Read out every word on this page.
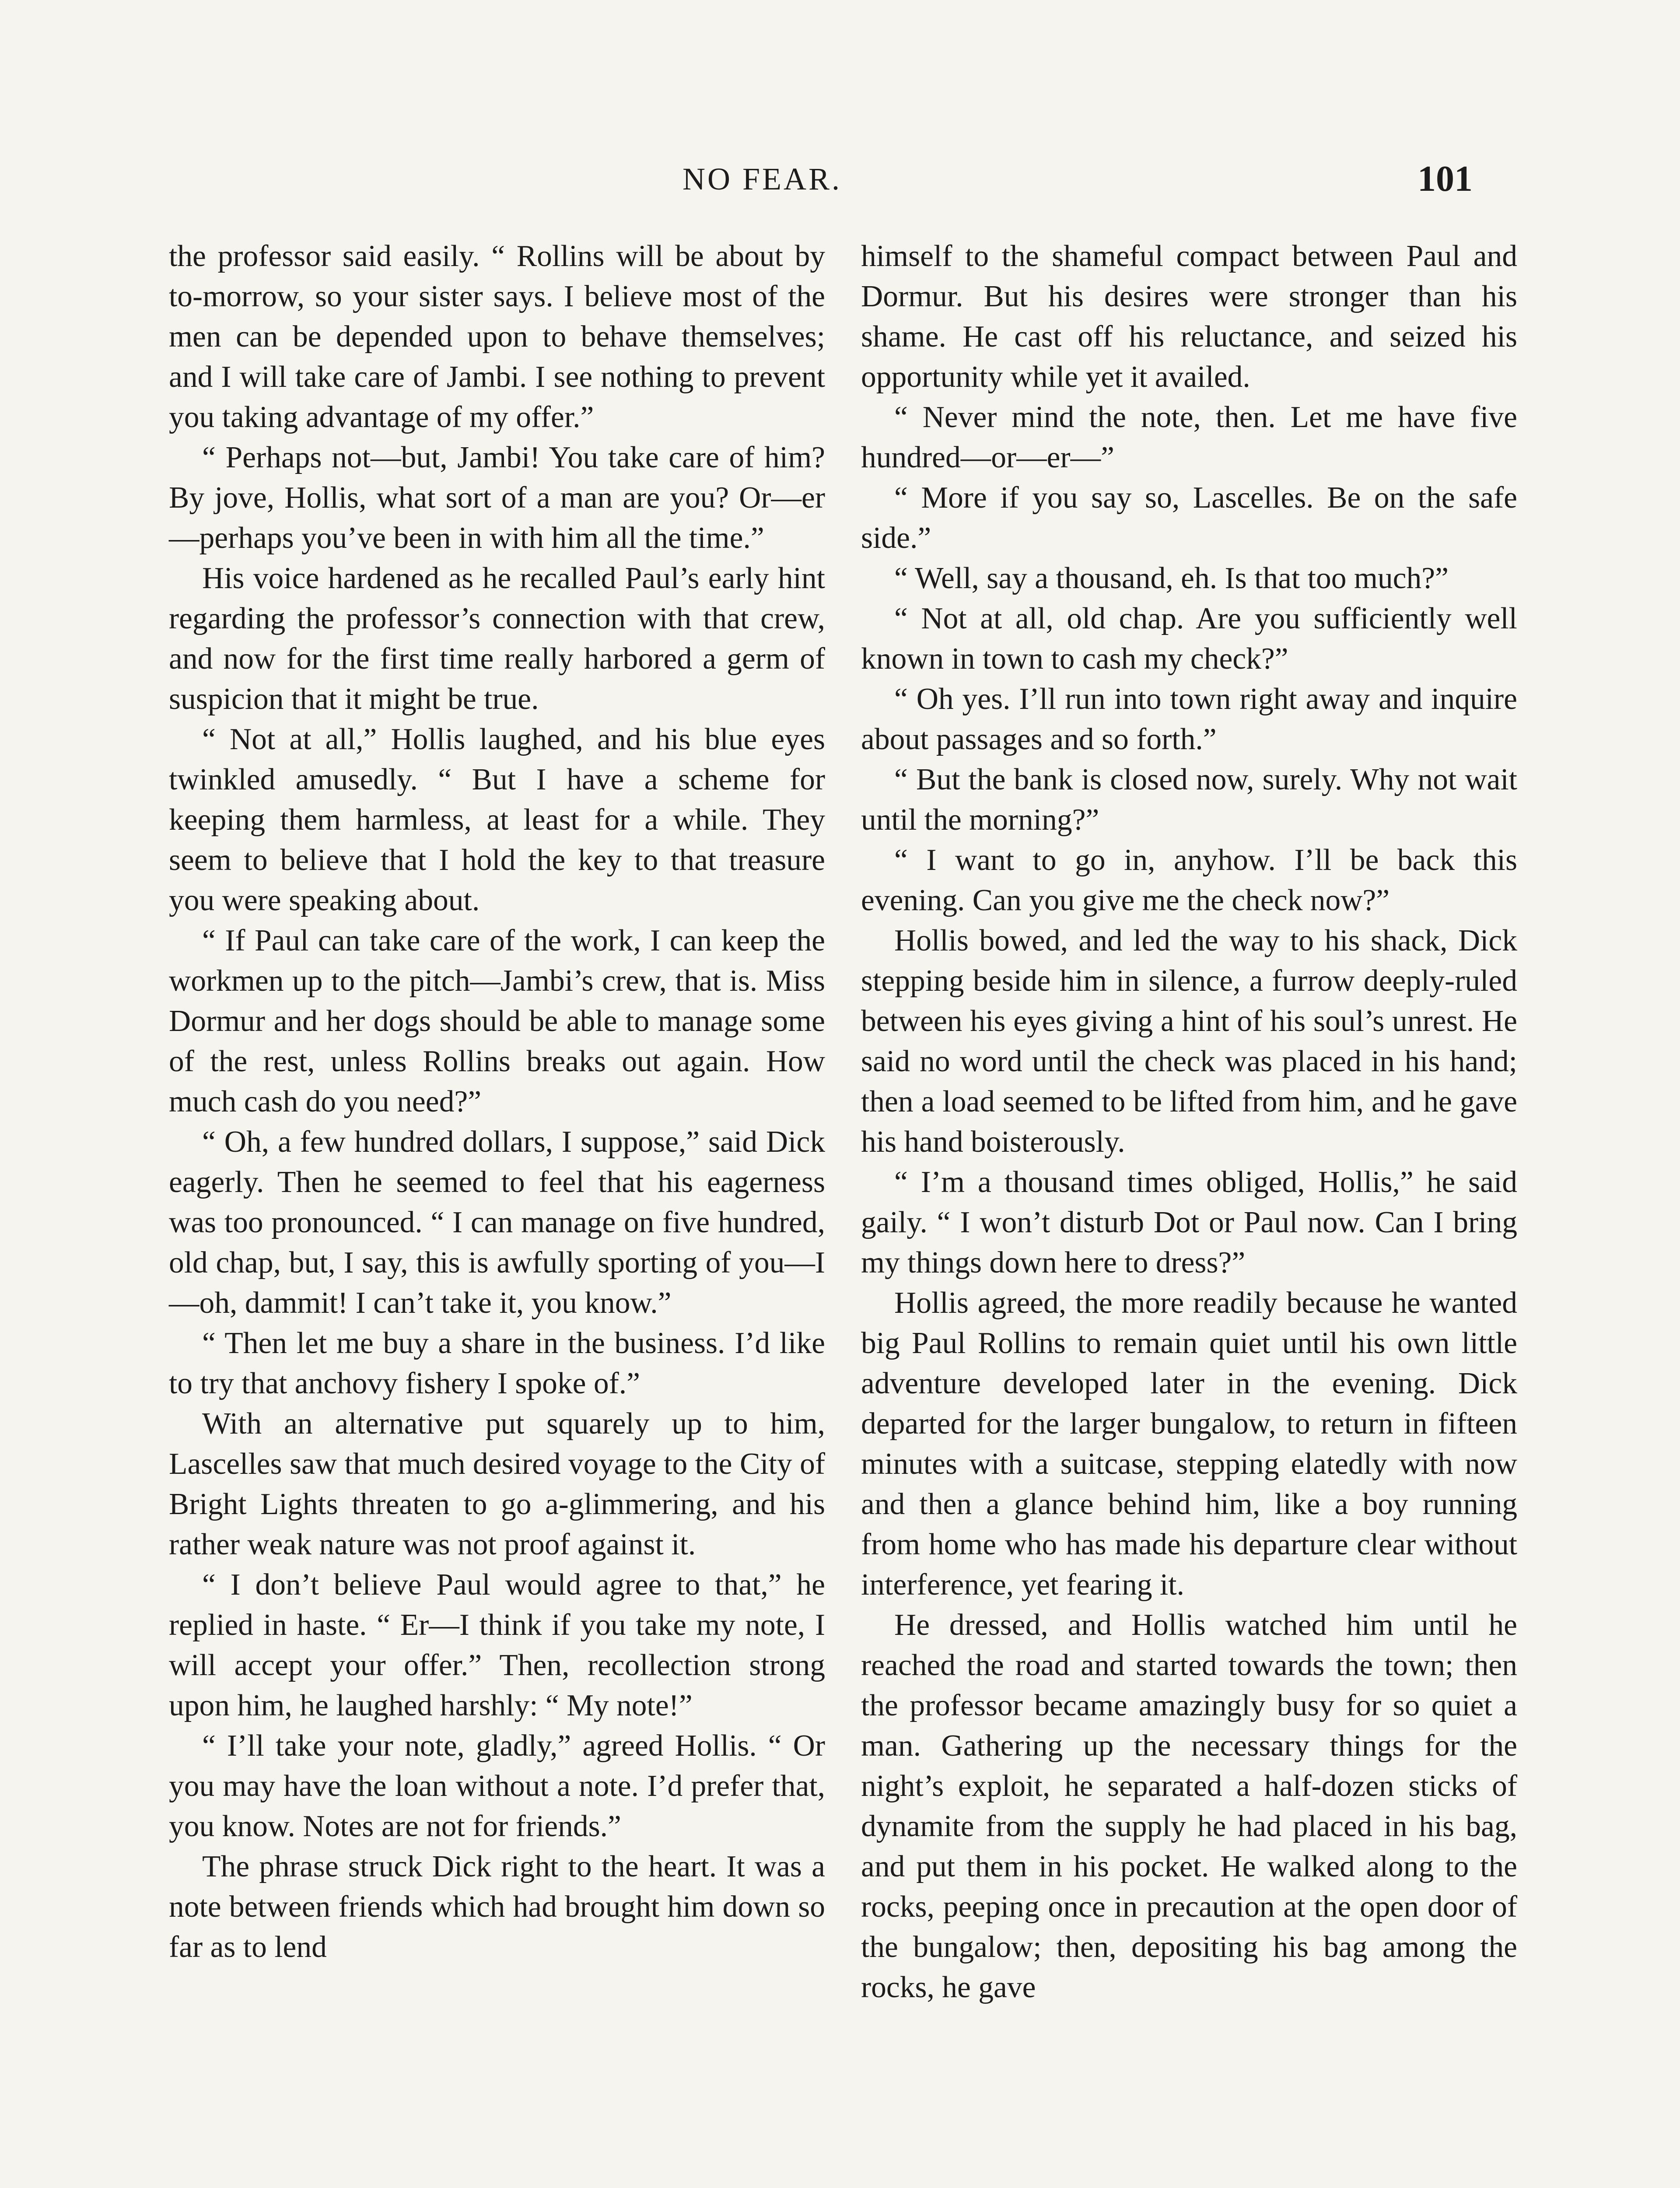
NO FEAR.	101

the professor said easily. “ Rollins will be about by to-morrow, so your sister says. I believe most of the men can be depended upon to behave themselves; and I will take care of Jambi. I see nothing to prevent you taking advantage of my offer.”

“ Perhaps not—but, Jambi! You take care of him? By jove, Hollis, what sort of a man are you? Or—er—perhaps you’ve been in with him all the time.”

His voice hardened as he recalled Paul’s early hint regarding the professor’s connection with that crew, and now for the first time really harbored a germ of suspicion that it might be true.

“ Not at all,” Hollis laughed, and his blue eyes twinkled amusedly. “ But I have a scheme for keeping them harmless, at least for a while. They seem to believe that I hold the key to that treasure you were speaking about.

“ If Paul can take care of the work, I can keep the workmen up to the pitch—Jambi’s crew, that is. Miss Dormur and her dogs should be able to manage some of the rest, unless Rollins breaks out again. How much cash do you need?”

“ Oh, a few hundred dollars, I suppose,” said Dick eagerly. Then he seemed to feel that his eagerness was too pronounced. “ I can manage on five hundred, old chap, but, I say, this is awfully sporting of you—I—oh, dammit! I can’t take it, you know.”

“ Then let me buy a share in the business. I’d like to try that anchovy fishery I spoke of.”

With an alternative put squarely up to him, Lascelles saw that much desired voyage to the City of Bright Lights threaten to go a-glimmering, and his rather weak nature was not proof against it.

“ I don’t believe Paul would agree to that,” he replied in haste. “ Er—I think if you take my note, I will accept your offer.” Then, recollection strong upon him, he laughed harshly: “ My note!”

“ I’ll take your note, gladly,” agreed Hollis. “ Or you may have the loan without a note. I’d prefer that, you know. Notes are not for friends.”

The phrase struck Dick right to the heart. It was a note between friends which had brought him down so far as to lend

himself to the shameful compact between Paul and Dormur. But his desires were stronger than his shame. He cast off his reluctance, and seized his opportunity while yet it availed.

“ Never mind the note, then. Let me have five hundred—or—er—”

“ More if you say so, Lascelles. Be on the safe side.”

“ Well, say a thousand, eh. Is that too much?”

“ Not at all, old chap. Are you sufficiently well known in town to cash my check?”

“ Oh yes. I’ll run into town right away and inquire about passages and so forth.”

“ But the bank is closed now, surely. Why not wait until the morning?”

“ I want to go in, anyhow. I’ll be back this evening. Can you give me the check now?”

Hollis bowed, and led the way to his shack, Dick stepping beside him in silence, a furrow deeply-ruled between his eyes giving a hint of his soul’s unrest. He said no word until the check was placed in his hand; then a load seemed to be lifted from him, and he gave his hand boisterously.

“ I’m a thousand times obliged, Hollis,” he said gaily. “ I won’t disturb Dot or Paul now. Can I bring my things down here to dress?”

Hollis agreed, the more readily because he wanted big Paul Rollins to remain quiet until his own little adventure developed later in the evening. Dick departed for the larger bungalow, to return in fifteen minutes with a suitcase, stepping elatedly with now and then a glance behind him, like a boy running from home who has made his departure clear without interference, yet fearing it.

He dressed, and Hollis watched him until he reached the road and started towards the town; then the professor became amazingly busy for so quiet a man. Gathering up the necessary things for the night’s exploit, he separated a half-dozen sticks of dynamite from the supply he had placed in his bag, and put them in his pocket. He walked along to the rocks, peeping once in precaution at the open door of the bungalow; then, depositing his bag among the rocks, he gave
